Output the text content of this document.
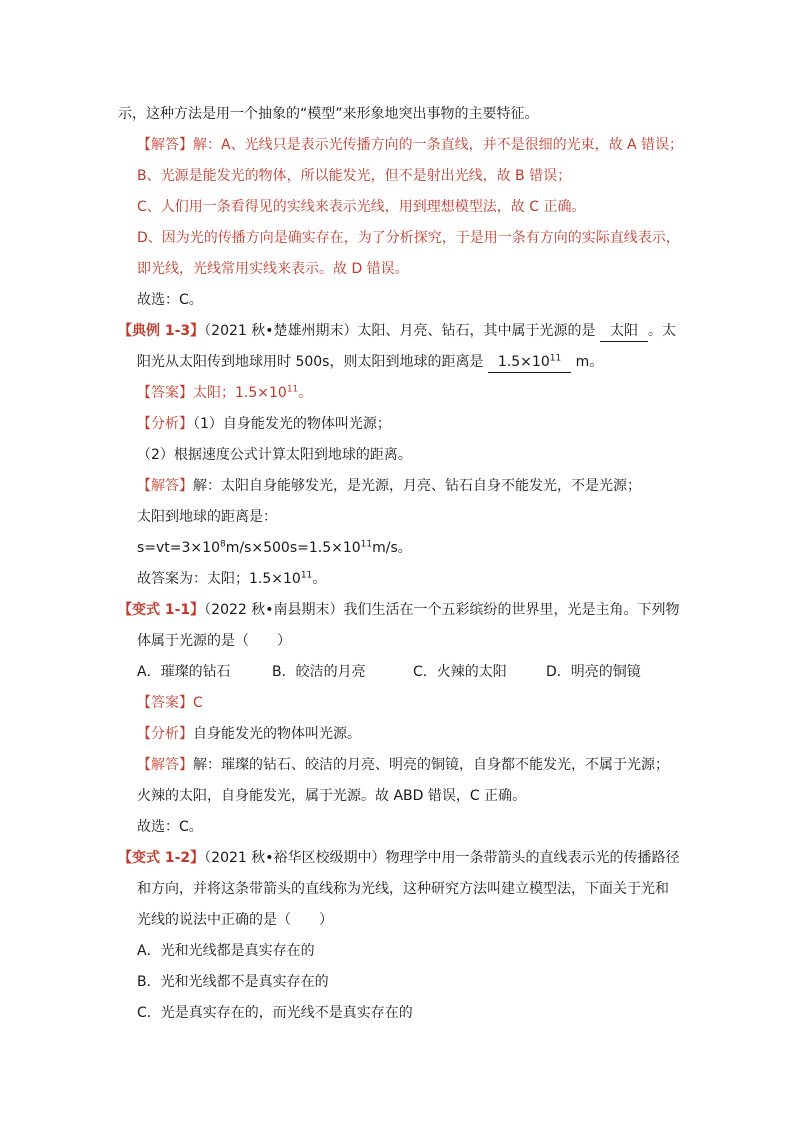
示，这种方法是用一个抽象的“模型”来形象地突出事物的主要特征。
【解答】解：A、光线只是表示光传播方向的一条直线，并不是很细的光束，故 A 错误；
B、光源是能发光的物体，所以能发光，但不是射出光线，故 B 错误；
C、人们用一条看得见的实线来表示光线，用到理想模型法，故 C 正确。
D、因为光的传播方向是确实存在，为了分析探究，于是用一条有方向的实际直线表示，
即光线，光线常用实线来表示。故 D 错误。
故选：C。
【典例 1-3】（2021 秋•楚雄州期末）太阳、月亮、钻石，其中属于光源的是 太阳 。太
阳光从太阳传到地球用时 500s，则太阳到地球的距离是 $1.5\times 10^{11}$ m。
【答案】太阳；$1.5\times 10^{11}$。
【分析】（1）自身能发光的物体叫光源；
（2）根据速度公式计算太阳到地球的距离。
【解答】解：太阳自身能够发光，是光源，月亮、钻石自身不能发光，不是光源；
太阳到地球的距离是：
$s=vt=3\times 10^8m/s\times 500s=1.5\times 10^{11}m/s$。
故答案为：太阳；$1.5\times 10^{11}$。
【变式 1-1】（2022 秋•南县期末）我们生活在一个五彩缤纷的世界里，光是主角。下列物
体属于光源的是（　　）
A．璀璨的钻石	B．皎洁的月亮	C．火辣的太阳	D．明亮的铜镜
【答案】C
【分析】自身能发光的物体叫光源。
【解答】解：璀璨的钻石、皎洁的月亮、明亮的铜镜，自身都不能发光，不属于光源；
火辣的太阳，自身能发光，属于光源。故 ABD 错误，C 正确。
故选：C。
【变式 1-2】（2021 秋•裕华区校级期中）物理学中用一条带箭头的直线表示光的传播路径
和方向，并将这条带箭头的直线称为光线，这种研究方法叫建立模型法，下面关于光和
光线的说法中正确的是（　　）
A．光和光线都是真实存在的
B．光和光线都不是真实存在的
C．光是真实存在的，而光线不是真实存在的
